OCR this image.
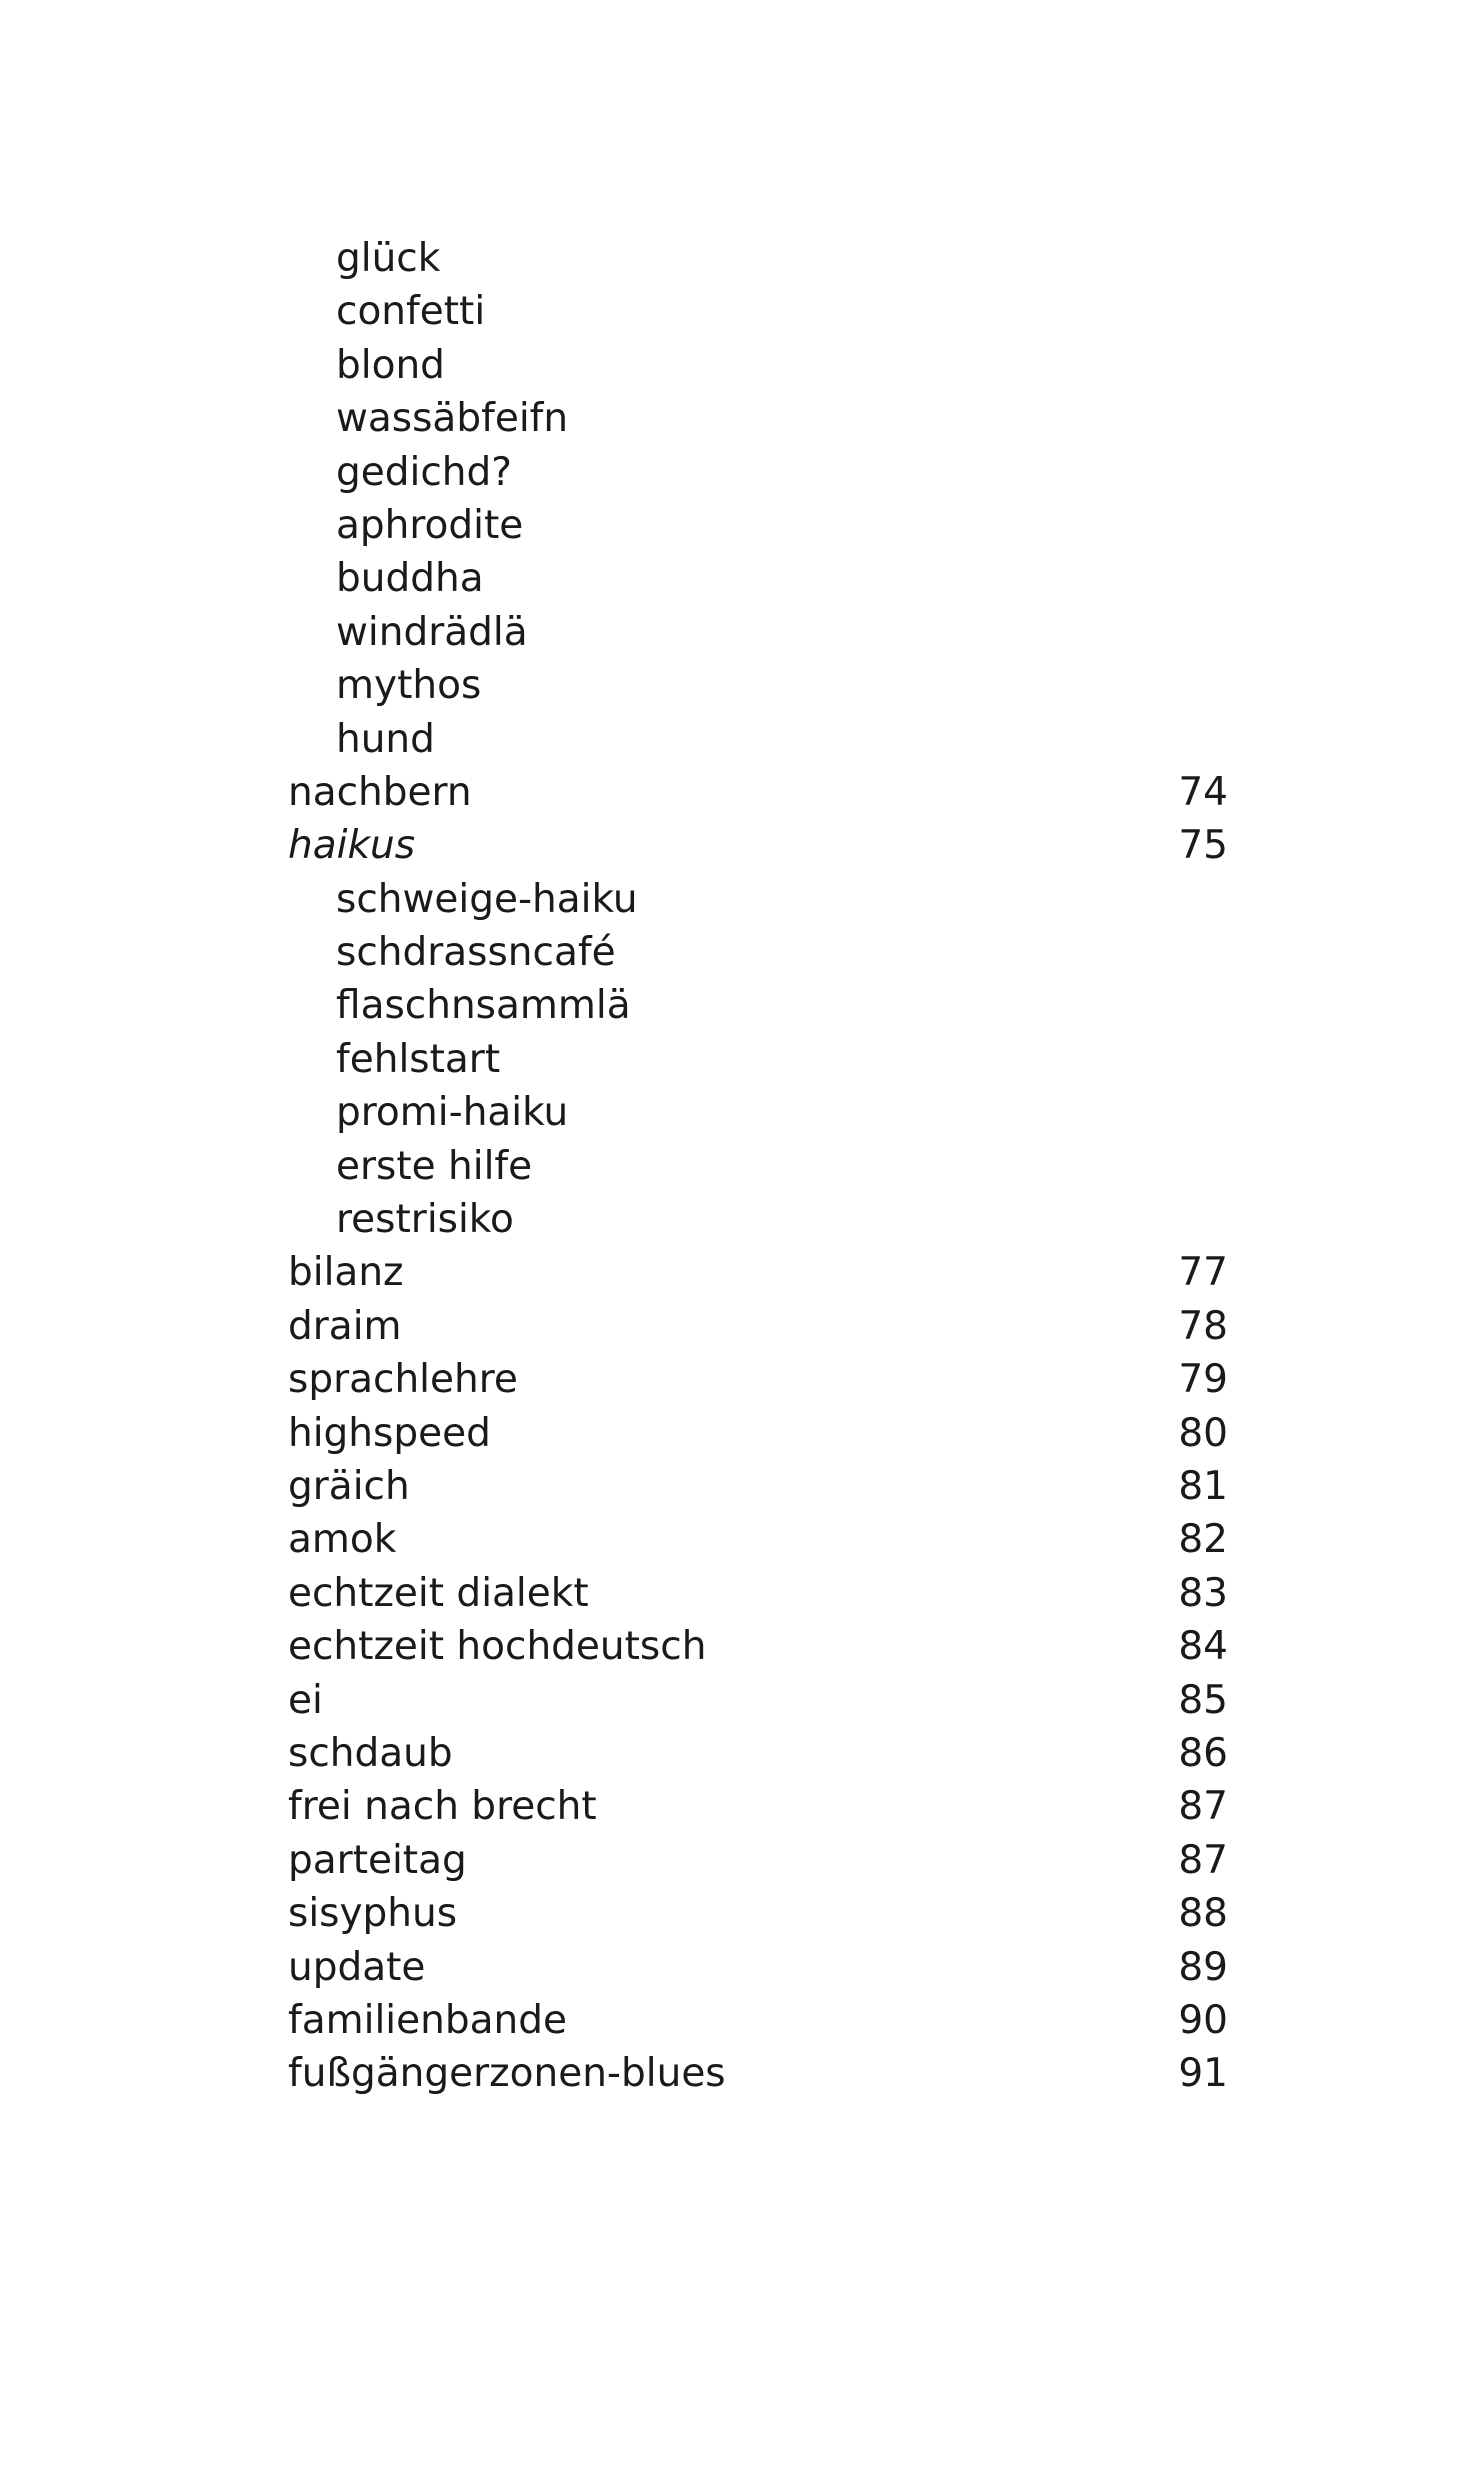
glück
confetti
blond
wassäbfeifn
gedichd?
aphrodite
buddha
windrädlä
mythos
hund
nachbern	74
haikus	75
schweige-haiku
schdrassncafé
flaschnsammlä
fehlstart
promi-haiku
erste hilfe
restrisiko
bilanz	77
draim	78
sprachlehre	79
highspeed	80
gräich	81
amok	82
echtzeit dialekt	83
echtzeit hochdeutsch	84
ei	85
schdaub	86
frei nach brecht	87
parteitag	87
sisyphus	88
update	89
familienbande	90
fußgängerzonen-blues	91
